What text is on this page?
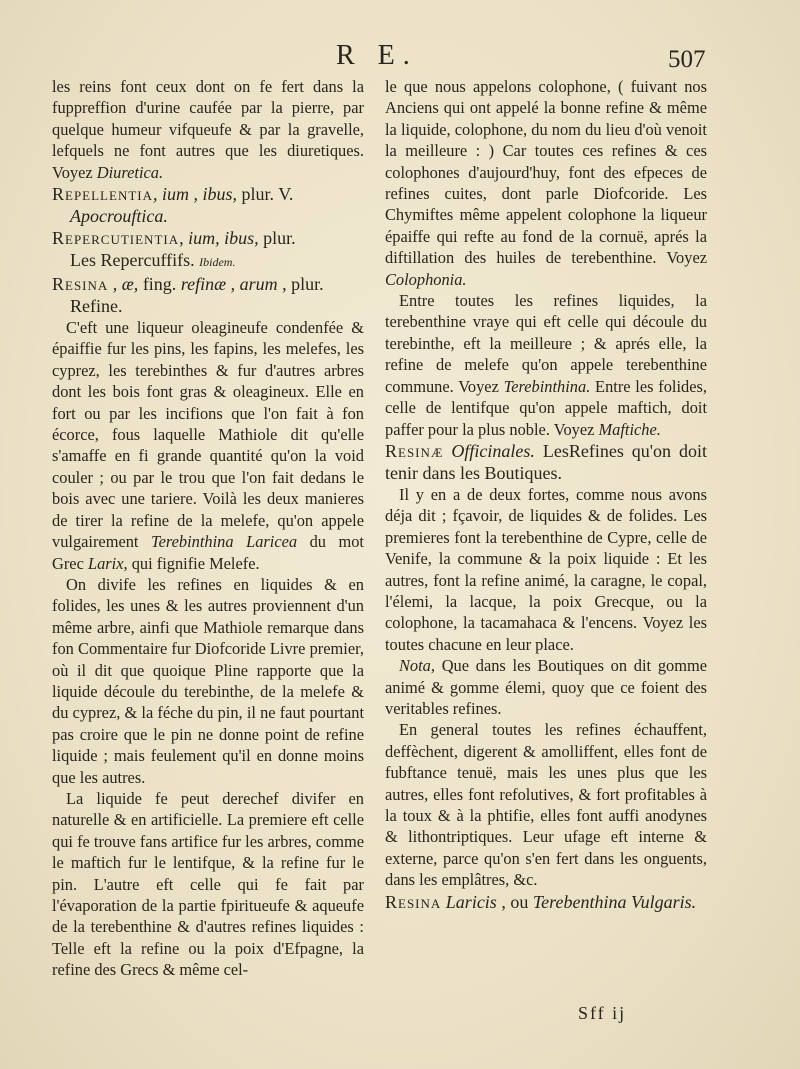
R E.	507

les reins font ceux dont on fe fert dans la fuppreffion d'urine caufée par la pierre, par quelque humeur vifqueufe & par la gravelle, lefquels ne font autres que les diuretiques. Voyez Diuretica.

Repellentia, ium , ibus, plur. V.
Apocrouftica.
Repercutientia, ium, ibus, plur.
Les Repercuffifs. Ibidem.
Resina , æ, fing. refinæ , arum , plur.
Refine.

C'eft une liqueur oleagineufe condenfée & épaiffie fur les pins, les fapins, les melefes, les cyprez, les terebinthes & fur d'autres arbres dont les bois font gras & oleagineux. Elle en fort ou par les incifions que l'on fait à fon écorce, fous laquelle Mathiole dit qu'elle s'amaffe en fi grande quantité qu'on la void couler ; ou par le trou que l'on fait dedans le bois avec une tariere. Voilà les deux manieres de tirer la refine de la melefe, qu'on appele vulgairement Terebinthina Laricea du mot Grec Larix, qui fignifie Melefe.

On divife les refines en liquides & en folides, les unes & les autres proviennent d'un même arbre, ainfi que Mathiole remarque dans fon Commentaire fur Diofcoride Livre premier, où il dit que quoique Pline rapporte que la liquide découle du terebinthe, de la melefe & du cyprez, & la féche du pin, il ne faut pourtant pas croire que le pin ne donne point de refine liquide ; mais feulement qu'il en donne moins que les autres.

La liquide fe peut derechef divifer en naturelle & en artificielle. La premiere eft celle qui fe trouve fans artifice fur les arbres, comme le maftich fur le lentifque, & la refine fur le pin. L'autre eft celle qui fe fait par l'évaporation de la partie fpiritueufe & aqueufe de la terebenthine & d'autres refines liquides : Telle eft la refine ou la poix d'Efpagne, la refine des Grecs & même cel-

le que nous appelons colophone, ( fuivant nos Anciens qui ont appelé la bonne refine & même la liquide, colophone, du nom du lieu d'où venoit la meilleure : ) Car toutes ces refines & ces colophones d'aujourd'huy, font des efpeces de refines cuites, dont parle Diofcoride. Les Chymiftes même appelent colophone la liqueur épaiffe qui refte au fond de la cornuë, aprés la diftillation des huiles de terebenthine. Voyez Colophonia.

Entre toutes les refines liquides, la terebenthine vraye qui eft celle qui découle du terebinthe, eft la meilleure ; & aprés elle, la refine de melefe qu'on appele terebenthine commune. Voyez Terebinthina. Entre les folides, celle de lentifque qu'on appele maftich, doit paffer pour la plus noble. Voyez Maftiche.

Resinæ Officinales. LesRefines qu'on doit tenir dans les Boutiques.

Il y en a de deux fortes, comme nous avons déja dit ; fçavoir, de liquides & de folides. Les premieres font la terebenthine de Cypre, celle de Venife, la commune & la poix liquide : Et les autres, font la refine animé, la caragne, le copal, l'élemi, la lacque, la poix Grecque, ou la colophone, la tacamahaca & l'encens. Voyez les toutes chacune en leur place.

Nota, Que dans les Boutiques on dit gomme animé & gomme élemi, quoy que ce foient des veritables refines.

En general toutes les refines échauffent, deffèchent, digerent & amolliffent, elles font de fubftance tenuë, mais les unes plus que les autres, elles font refolutives, & fort profitables à la toux & à la phtifie, elles font auffi anodynes & lithontriptiques. Leur ufage eft interne & externe, parce qu'on s'en fert dans les onguents, dans les emplâtres, &c.

Resina Laricis , ou Terebenthina Vulgaris.
Sff ij
